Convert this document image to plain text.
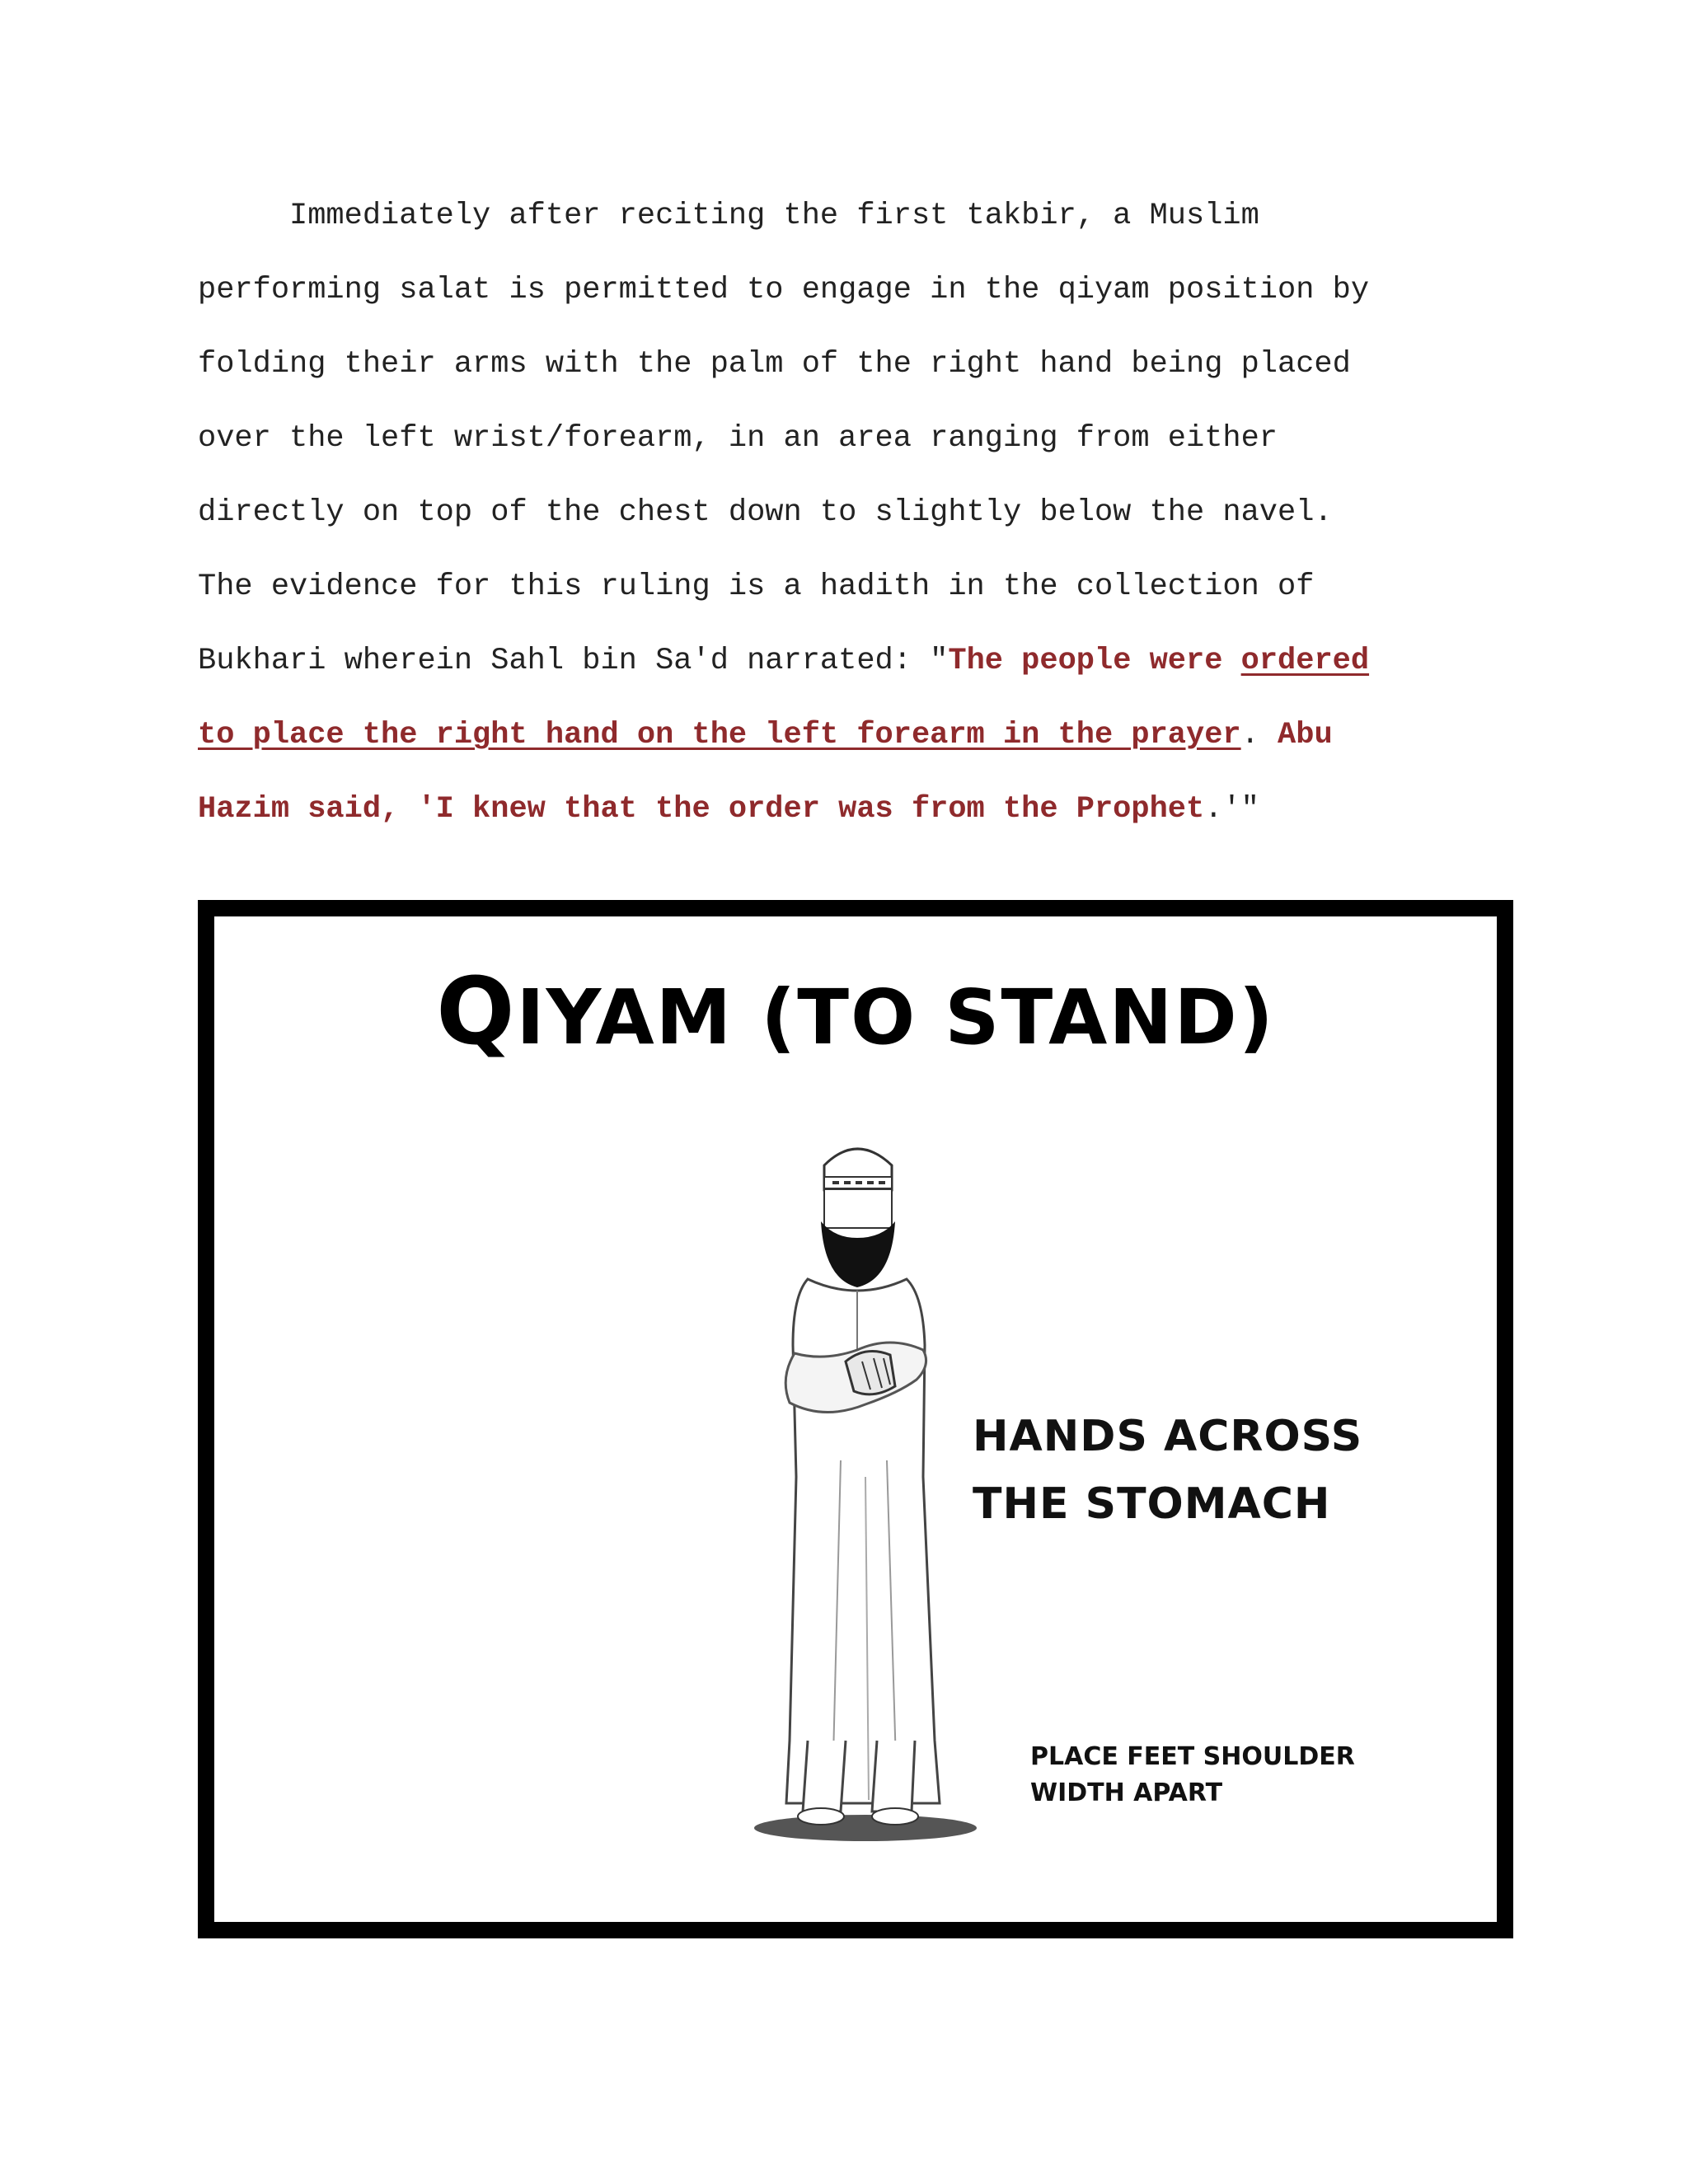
Immediately after reciting the first takbir, a Muslim
performing salat is permitted to engage in the qiyam position by
folding their arms with the palm of the right hand being placed
over the left wrist/forearm, in an area ranging from either
directly on top of the chest down to slightly below the navel.
The evidence for this ruling is a hadith in the collection of
Bukhari wherein Sahl bin Sa'd narrated: "The people were ordered
to place the right hand on the left forearm in the prayer. Abu
Hazim said, 'I knew that the order was from the Prophet.'"
QIYAM (TO STAND)
HANDS ACROSS
THE STOMACH
PLACE FEET SHOULDER
WIDTH APART
